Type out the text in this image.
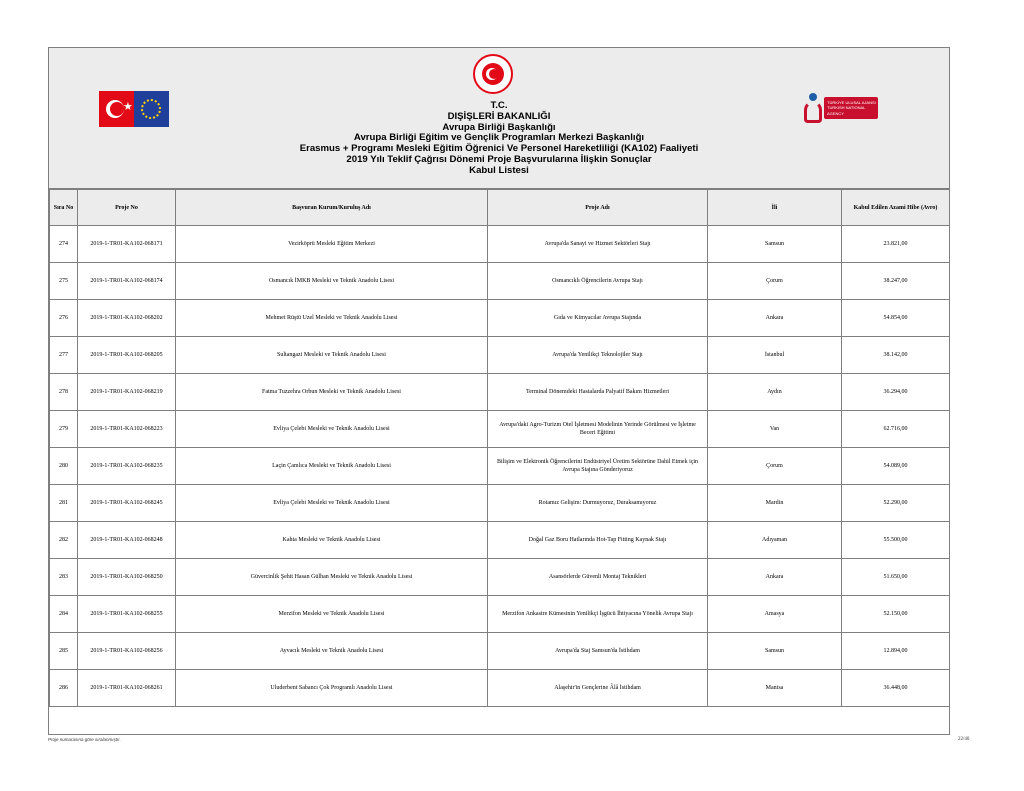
★	TÜRKİYE ULUSAL AJANSI
TURKISH NATIONAL AGENCY
T.C.
DIŞİŞLERİ BAKANLIĞI
Avrupa Birliği Başkanlığı
Avrupa Birliği Eğitim ve Gençlik Programları Merkezi Başkanlığı
Erasmus + Programı Mesleki Eğitim Öğrenici Ve Personel Hareketliliği (KA102) Faaliyeti
2019 Yılı Teklif Çağrısı Dönemi Proje Başvurularına İlişkin Sonuçlar
Kabul Listesi
Sıra No	Proje No	Başvuran Kurum/Kuruluş Adı	Proje Adı	İli	Kabul Edilen Azami Hibe (Avro)
274	2019-1-TR01-KA102-068171	Vezirköprü Mesleki Eğitim Merkezi	Avrupa'da Sanayi ve Hizmet Sektörleri Stajı	Samsun	23.821,00
275	2019-1-TR01-KA102-068174	Osmancık İMKB Mesleki ve Teknik Anadolu Lisesi	Osmancıklı Öğrencilerin Avrupa Stajı	Çorum	38.247,00
276	2019-1-TR01-KA102-068202	Mehmet Rüştü Uzel Mesleki ve Teknik Anadolu Lisesi	Gıda ve Kimyacılar Avrupa Stajında	Ankara	54.854,00
277	2019-1-TR01-KA102-068205	Sultangazi Mesleki ve Teknik Anadolu Lisesi	Avrupa'da Yenilikçi Teknolojiler Stajı	İstanbul	38.142,00
278	2019-1-TR01-KA102-068219	Fatma Tuzzehra Orbun Mesleki ve Teknik Anadolu Lisesi	Terminal Dönemdeki Hastalarda Palyatif Bakım Hizmetleri	Aydın	36.294,00
279	2019-1-TR01-KA102-068223	Evliya Çelebi Mesleki ve Teknik Anadolu Lisesi	Avrupa'daki Agro-Turizm Otel İşletmesi Modelinin Yerinde Görülmesi ve İşletme Beceri Eğitimi	Van	62.716,00
280	2019-1-TR01-KA102-068235	Laçin Çamlıca Mesleki ve Teknik Anadolu Lisesi	Bilişim ve Elektronik Öğrencilerini Endüstriyel Üretim Sektörüne Dahil Etmek için Avrupa Stajına Gönderiyoruz	Çorum	54.089,00
281	2019-1-TR01-KA102-068245	Evliya Çelebi Mesleki ve Teknik Anadolu Lisesi	Rotamız Gelişim: Durmuyoruz, Duraksamıyoruz	Mardin	52.290,00
282	2019-1-TR01-KA102-068248	Kahta Mesleki ve Teknik Anadolu Lisesi	Doğal Gaz Boru Hatlarında Hot-Tap Fitting Kaynak Stajı	Adıyaman	55.500,00
283	2019-1-TR01-KA102-068250	Güvercinlik Şehit Hasan Gülhan Mesleki ve Teknik Anadolu Lisesi	Asansörlerde Güvenli Montaj Teknikleri	Ankara	51.650,00
284	2019-1-TR01-KA102-068255	Merzifon Mesleki ve Teknik Anadolu Lisesi	Merzifon Ankastre Kümesinin Yenilikçi İşgücü İhtiyacına Yönelik Avrupa Stajı	Amasya	52.150,00
285	2019-1-TR01-KA102-068256	Ayvacık Mesleki ve Teknik Anadolu Lisesi	Avrupa'da Staj Samsun'da İstihdam	Samsun	12.894,00
286	2019-1-TR01-KA102-068261	Uluderbent Sabancı Çok Programlı Anadolu Lisesi	Alaşehir'in Gençlerine Âlâ İstihdam	Manisa	36.448,00
Proje numarasına göre sıralanmıştır.	22/40
